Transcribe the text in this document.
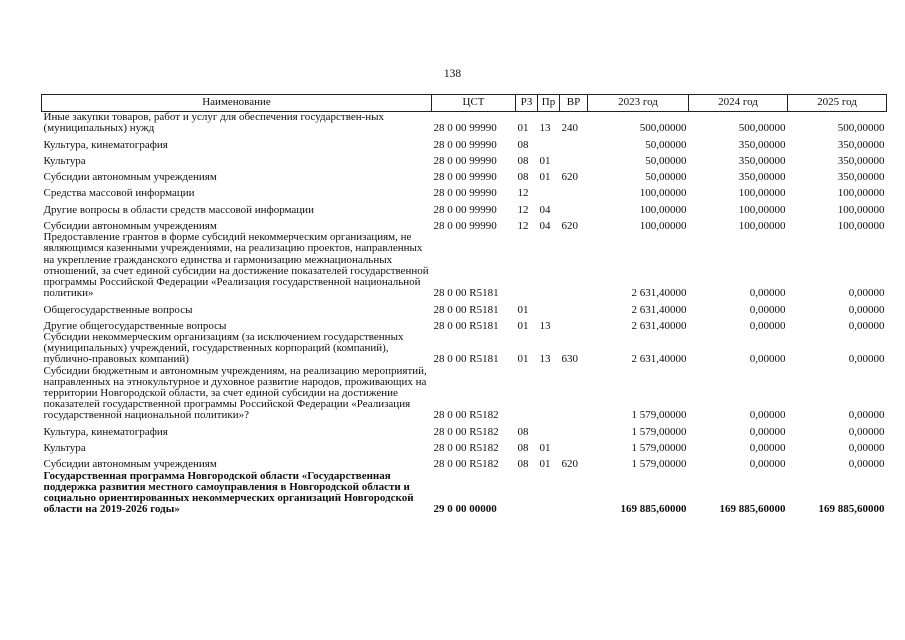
138
Наименование	ЦСТ	РЗ	Пр	ВР	2023 год	2024 год	2025 год
Иные закупки товаров, работ и услуг для обеспечения государствен-ных (муниципальных) нужд	28 0 00 99990	01	13	240	500,00000	500,00000	500,00000
Культура, кинематография	28 0 00 99990	08			50,00000	350,00000	350,00000
Культура	28 0 00 99990	08	01		50,00000	350,00000	350,00000
Субсидии автономным учреждениям	28 0 00 99990	08	01	620	50,00000	350,00000	350,00000
Средства массовой информации	28 0 00 99990	12			100,00000	100,00000	100,00000
Другие вопросы в области средств массовой информации	28 0 00 99990	12	04		100,00000	100,00000	100,00000
Субсидии автономным учреждениям	28 0 00 99990	12	04	620	100,00000	100,00000	100,00000
Предоставление грантов в форме субсидий некоммерческим организациям, не являющимся казенными учреждениями, на реализацию проектов, направленных на укрепление гражданского единства и гармонизацию межнациональных отношений, за счет единой субсидии на достижение показателей государственной программы Российской Федерации «Реализация государственной национальной политики»	28 0 00 R5181				2 631,40000	0,00000	0,00000
Общегосударственные вопросы	28 0 00 R5181	01			2 631,40000	0,00000	0,00000
Другие общегосударственные вопросы	28 0 00 R5181	01	13		2 631,40000	0,00000	0,00000
Субсидии некоммерческим организациям (за исключением государственных (муниципальных) учреждений, государственных корпораций (компаний), публично-правовых компаний)	28 0 00 R5181	01	13	630	2 631,40000	0,00000	0,00000
Субсидии бюджетным и автономным учреждениям, на реализацию мероприятий, направленных на этнокультурное и духовное развитие народов, проживающих на территории Новгородской области, за счет единой субсидии на достижение показателей государственной программы Российской Федерации «Реализация государственной национальной политики»?	28 0 00 R5182				1 579,00000	0,00000	0,00000
Культура, кинематография	28 0 00 R5182	08			1 579,00000	0,00000	0,00000
Культура	28 0 00 R5182	08	01		1 579,00000	0,00000	0,00000
Субсидии автономным учреждениям	28 0 00 R5182	08	01	620	1 579,00000	0,00000	0,00000
Государственная программа Новгородской области «Государственная поддержка развития местного самоуправления в Новгородской области и социально ориентированных некоммерческих организаций Новгородской области на 2019-2026 годы»	29 0 00 00000				169 885,60000	169 885,60000	169 885,60000
